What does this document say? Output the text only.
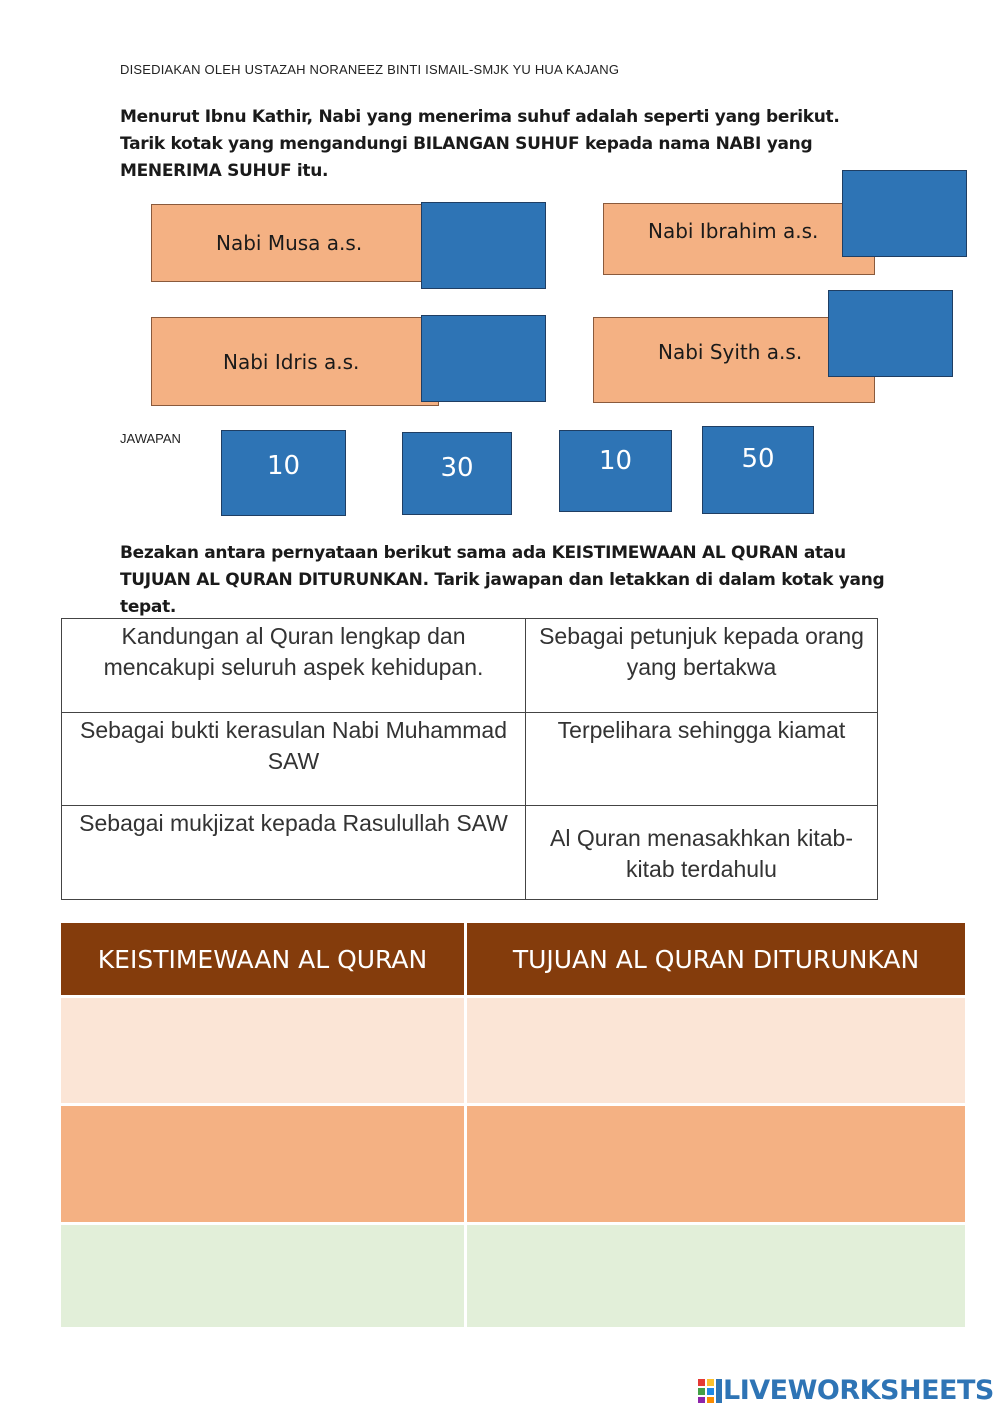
DISEDIAKAN OLEH USTAZAH NORANEEZ BINTI ISMAIL-SMJK YU HUA KAJANG
Menurut Ibnu Kathir, Nabi yang menerima suhuf adalah seperti yang berikut. Tarik kotak yang mengandungi BILANGAN SUHUF kepada nama NABI yang MENERIMA SUHUF itu.
Nabi Musa a.s.	Nabi Ibrahim a.s.
Nabi Idris a.s.	Nabi Syith a.s.
JAWAPAN
10	30	10	50
Bezakan antara pernyataan berikut sama ada KEISTIMEWAAN AL QURAN atau TUJUAN AL QURAN DITURUNKAN. Tarik jawapan dan letakkan di dalam kotak yang tepat.
Kandungan al Quran lengkap dan mencakupi seluruh aspek kehidupan.	Sebagai petunjuk kepada orang yang bertakwa
Sebagai bukti kerasulan Nabi Muhammad SAW	Terpelihara sehingga kiamat
Sebagai mukjizat kepada Rasulullah SAW	Al Quran menasakhkan kitab-kitab terdahulu
KEISTIMEWAAN AL QURAN	TUJUAN AL QURAN DITURUNKAN

LIVEWORKSHEETS
